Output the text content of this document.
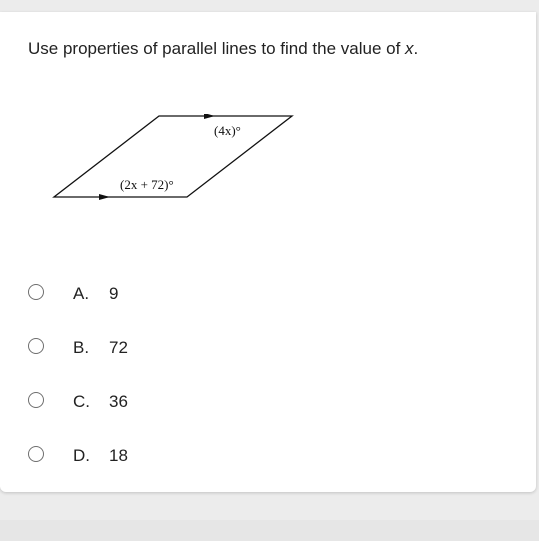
Use properties of parallel lines to find the value of x.
(4x)°
(2x + 72)°
A. 9
B. 72
C. 36
D. 18
